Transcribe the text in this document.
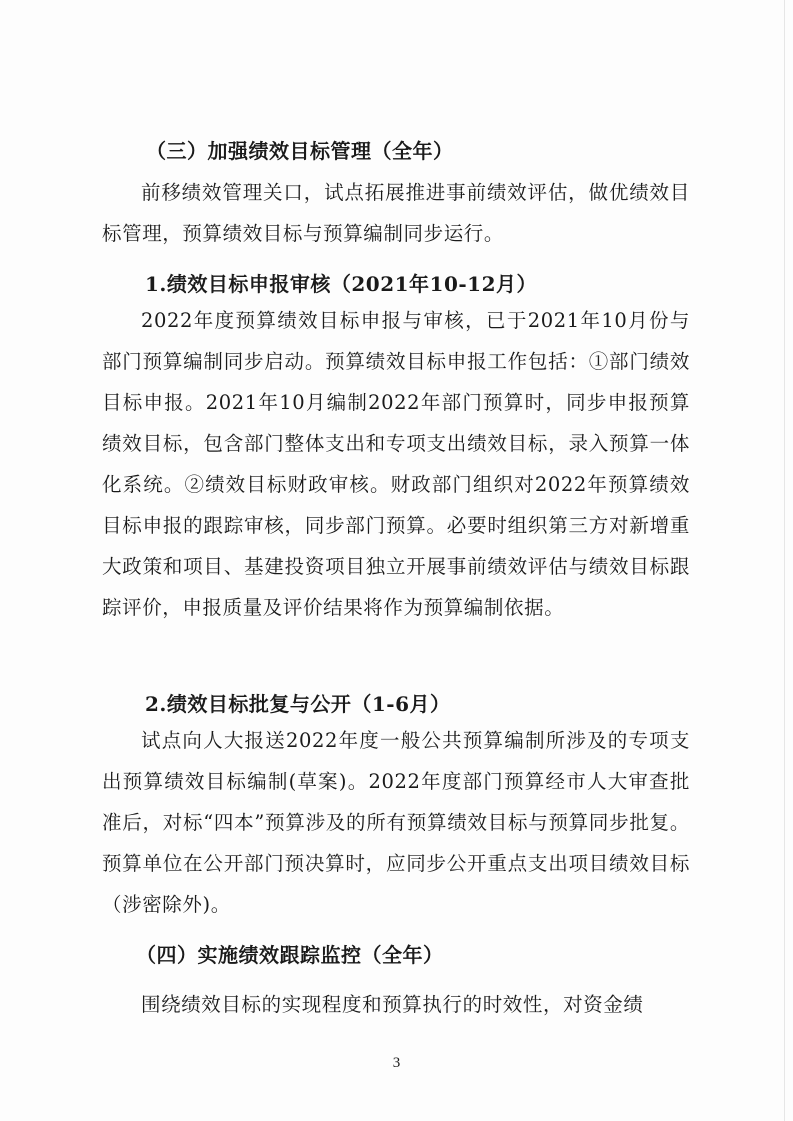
（三）加强绩效目标管理（全年）
前移绩效管理关口，试点拓展推进事前绩效评估，做优绩效目标管理，预算绩效目标与预算编制同步运行。
1.绩效目标申报审核（2021年10-12月）
2022年度预算绩效目标申报与审核，已于2021年10月份与部门预算编制同步启动。预算绩效目标申报工作包括：①部门绩效目标申报。2021年10月编制2022年部门预算时，同步申报预算绩效目标，包含部门整体支出和专项支出绩效目标，录入预算一体化系统。②绩效目标财政审核。财政部门组织对2022年预算绩效目标申报的跟踪审核，同步部门预算。必要时组织第三方对新增重大政策和项目、基建投资项目独立开展事前绩效评估与绩效目标跟踪评价，申报质量及评价结果将作为预算编制依据。
2.绩效目标批复与公开（1-6月）
试点向人大报送2022年度一般公共预算编制所涉及的专项支出预算绩效目标编制(草案)。2022年度部门预算经市人大审查批准后，对标“四本”预算涉及的所有预算绩效目标与预算同步批复。预算单位在公开部门预决算时，应同步公开重点支出项目绩效目标（涉密除外)。
（四）实施绩效跟踪监控（全年）
围绕绩效目标的实现程度和预算执行的时效性，对资金绩
3
